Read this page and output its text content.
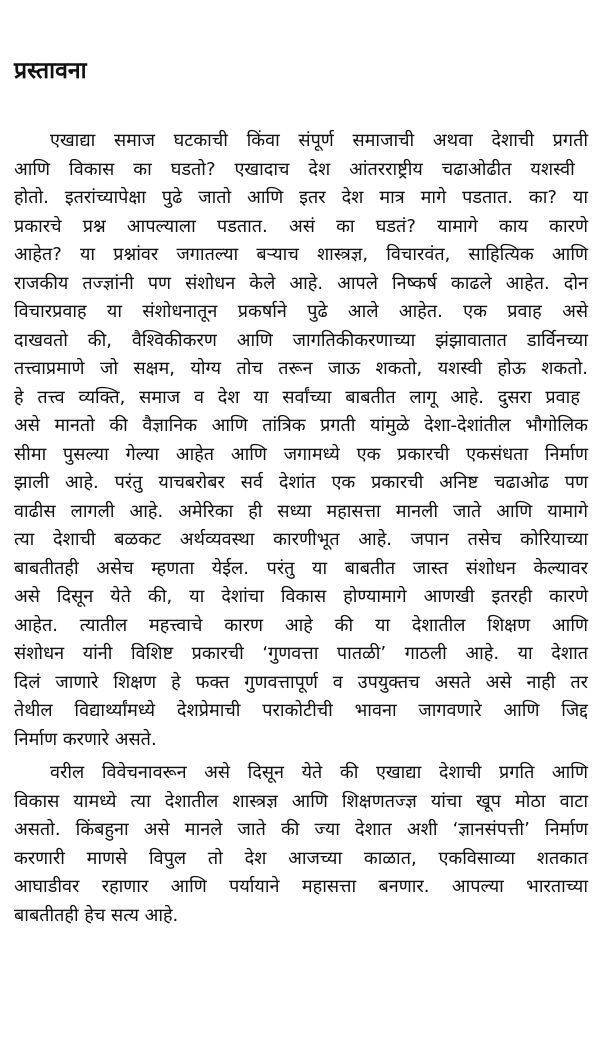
प्रस्तावना

एखाद्या समाज घटकाची किंवा संपूर्ण समाजाची अथवा देशाची प्रगती

आणि विकास का घडतो? एखादाच देश आंतरराष्ट्रीय चढाओढीत यशस्वी

होतो. इतरांच्यापेक्षा पुढे जातो आणि इतर देश मात्र मागे पडतात. का? या

प्रकारचे प्रश्न आपल्याला पडतात. असं का घडतं? यामागे काय कारणे

आहेत? या प्रश्नांवर जगातल्या बऱ्याच शास्त्रज्ञ, विचारवंत, साहित्यिक आणि

राजकीय तज्ज्ञांनी पण संशोधन केले आहे. आपले निष्कर्ष काढले आहेत. दोन

विचारप्रवाह या संशोधनातून प्रकर्षाने पुढे आले आहेत. एक प्रवाह असे

दाखवतो की, वैश्विकीकरण आणि जागतिकीकरणाच्या झंझावातात डार्विनच्या

तत्त्वाप्रमाणे जो सक्षम, योग्य तोच तरून जाऊ शकतो, यशस्वी होऊ शकतो.

हे तत्त्व व्यक्ति, समाज व देश या सर्वांच्या बाबतीत लागू आहे. दुसरा प्रवाह

असे मानतो की वैज्ञानिक आणि तांत्रिक प्रगती यांमुळे देशा-देशांतील भौगोलिक

सीमा पुसल्या गेल्या आहेत आणि जगामध्ये एक प्रकारची एकसंधता निर्माण

झाली आहे. परंतु याचबरोबर सर्व देशांत एक प्रकारची अनिष्ट चढाओढ पण

वाढीस लागली आहे. अमेरिका ही सध्या महासत्ता मानली जाते आणि यामागे

त्या देशाची बळकट अर्थव्यवस्था कारणीभूत आहे. जपान तसेच कोरियाच्या

बाबतीतही असेच म्हणता येईल. परंतु या बाबतीत जास्त संशोधन केल्यावर

असे दिसून येते की, या देशांचा विकास होण्यामागे आणखी इतरही कारणे

आहेत. त्यातील महत्त्वाचे कारण आहे की या देशातील शिक्षण आणि

संशोधन यांनी विशिष्ट प्रकारची ‘गुणवत्ता पातळी’ गाठली आहे. या देशात

दिलं जाणारे शिक्षण हे फक्त गुणवत्तापूर्ण व उपयुक्तच असते असे नाही तर

तेथील विद्यार्थ्यांमध्ये देशप्रेमाची पराकोटीची भावना जागवणारे आणि जिद्द

निर्माण करणारे असते.

वरील विवेचनावरून असे दिसून येते की एखाद्या देशाची प्रगति आणि

विकास यामध्ये त्या देशातील शास्त्रज्ञ आणि शिक्षणतज्ज्ञ यांचा खूप मोठा वाटा

असतो. किंबहुना असे मानले जाते की ज्या देशात अशी ‘ज्ञानसंपत्ती’ निर्माण

करणारी माणसे विपुल तो देश आजच्या काळात, एकविसाव्या शतकात

आघाडीवर रहाणार आणि पर्यायाने महासत्ता बनणार. आपल्या भारताच्या

बाबतीतही हेच सत्य आहे.
